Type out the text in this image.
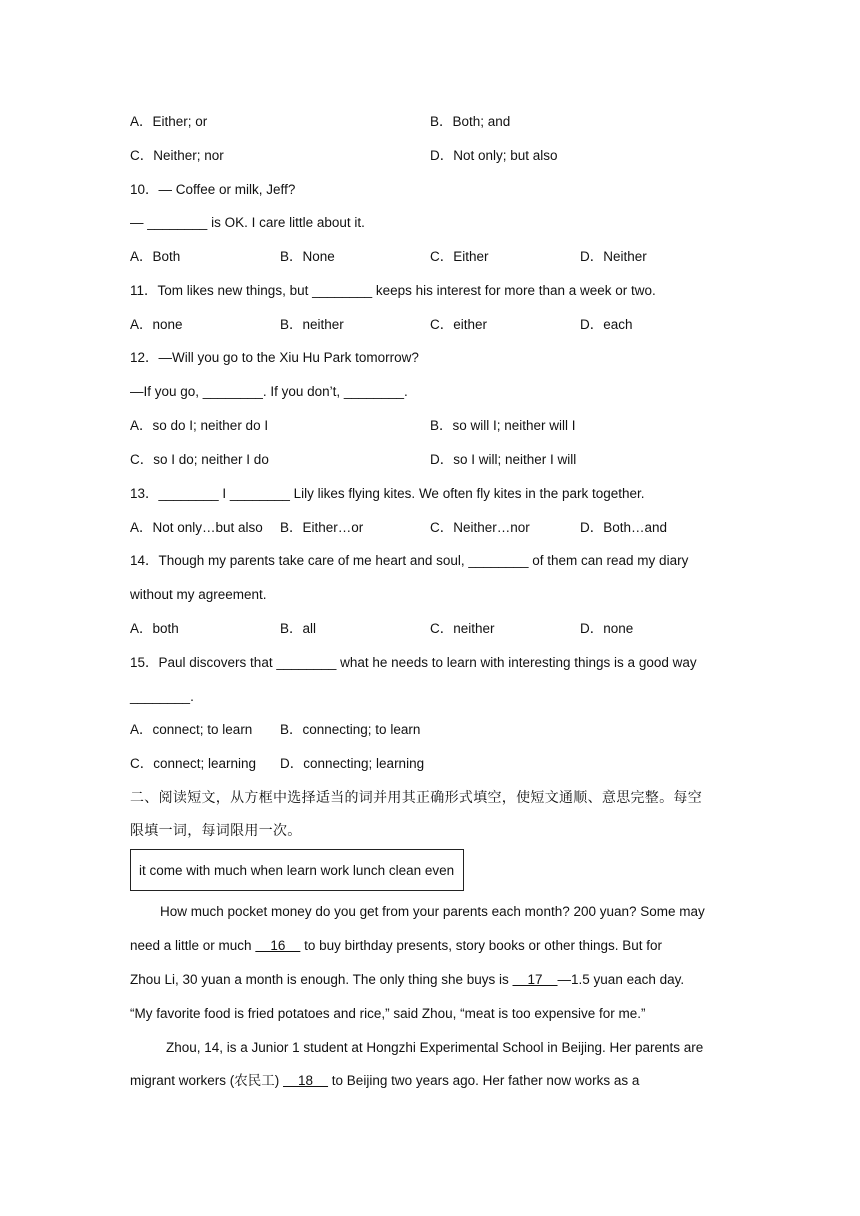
A．Either; or	B．Both; and
C．Neither; nor	D．Not only; but also
10．— Coffee or milk, Jeff?
— ________ is OK. I care little about it.
A．Both	B．None	C．Either	D．Neither
11．Tom likes new things, but ________ keeps his interest for more than a week or two.
A．none	B．neither	C．either	D．each
12．—Will you go to the Xiu Hu Park tomorrow?
—If you go, ________. If you don’t, ________.
A．so do I; neither do I	B．so will I; neither will I
C．so I do; neither I do	D．so I will; neither I will
13．________ I ________ Lily likes flying kites. We often fly kites in the park together.
A．Not only…but also B．Either…or	C．Neither…nor	D．Both…and
14．Though my parents take care of me heart and soul, ________ of them can read my diary
without my agreement.
A．both	B．all	C．neither	D．none
15．Paul discovers that ________ what he needs to learn with interesting things is a good way
________.
A．connect; to learn B．connecting; to learn
C．connect; learning D．connecting; learning
二、阅读短文，从方框中选择适当的词并用其正确形式填空，使短文通顺、意思完整。每空
限填一词，每词限用一次。
it come with much when learn work lunch clean even
How much pocket money do you get from your parents each month? 200 yuan? Some may
need a little or much     16     to buy birthday presents, story books or other things. But for
Zhou Li, 30 yuan a month is enough. The only thing she buys is     17    —1.5 yuan each day.
“My favorite food is fried potatoes and rice,” said Zhou, “meat is too expensive for me.”
Zhou, 14, is a Junior 1 student at Hongzhi Experimental School in Beijing. Her parents are
migrant workers (农民工)     18     to Beijing two years ago. Her father now works as a
